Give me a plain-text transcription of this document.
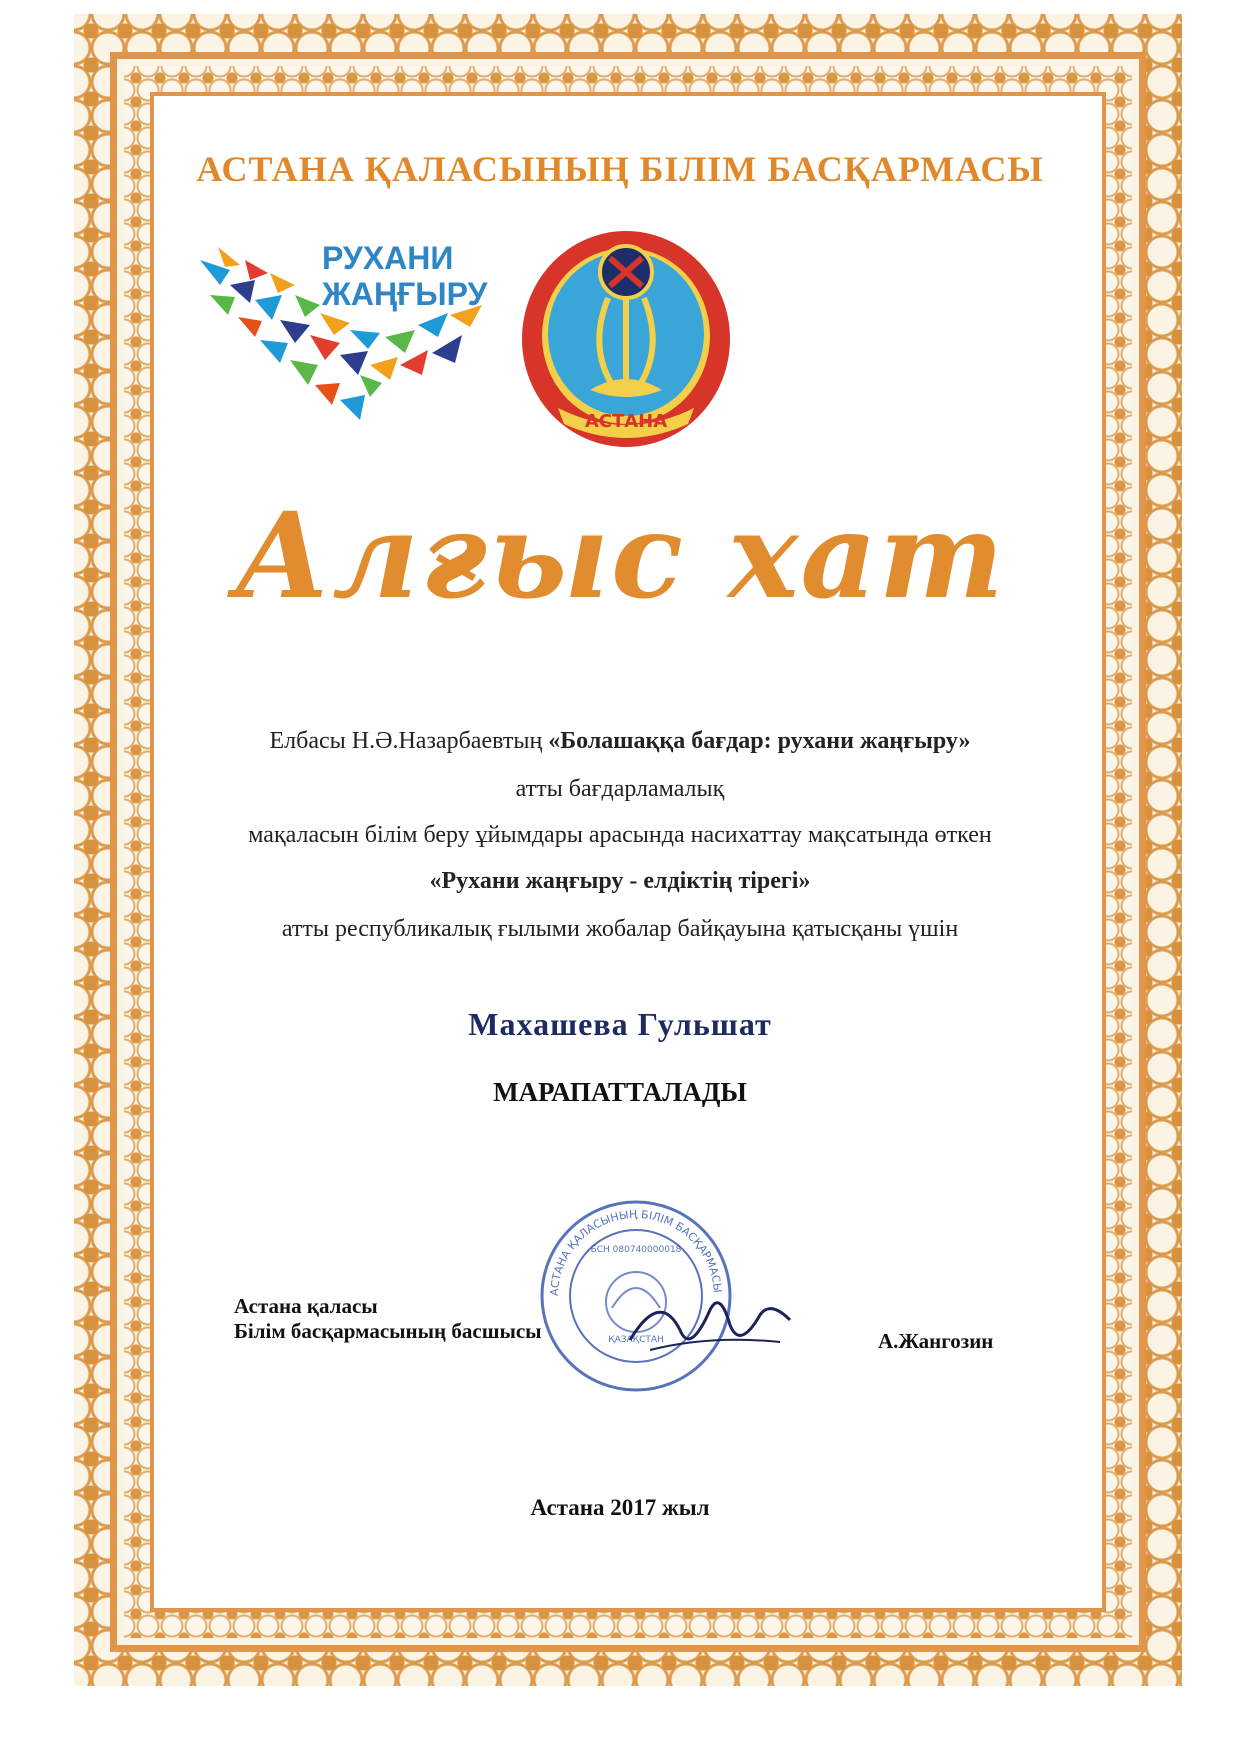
АСТАНА ҚАЛАСЫНЫҢ БІЛІМ БАСҚАРМАСЫ
РУХАНИ
ЖАҢҒЫРУ
АСТАНА
Алғыс хат
Елбасы Н.Ә.Назарбаевтың «Болашаққа бағдар: рухани жаңғыру»
атты бағдарламалық
мақаласын білім беру ұйымдары арасында насихаттау мақсатында өткен
«Рухани жаңғыру - елдіктің тірегі»
атты республикалық ғылыми жобалар байқауына қатысқаны үшін
Махашева Гульшат
МАРАПАТТАЛАДЫ
АСТАНА ҚАЛАСЫНЫҢ БІЛІМ БАСҚАРМАСЫ
БСН 080740000018
ҚАЗАҚСТАН
Астана қаласы
Білім басқармасының басшысы	А.Жангозин
Астана 2017 жыл
